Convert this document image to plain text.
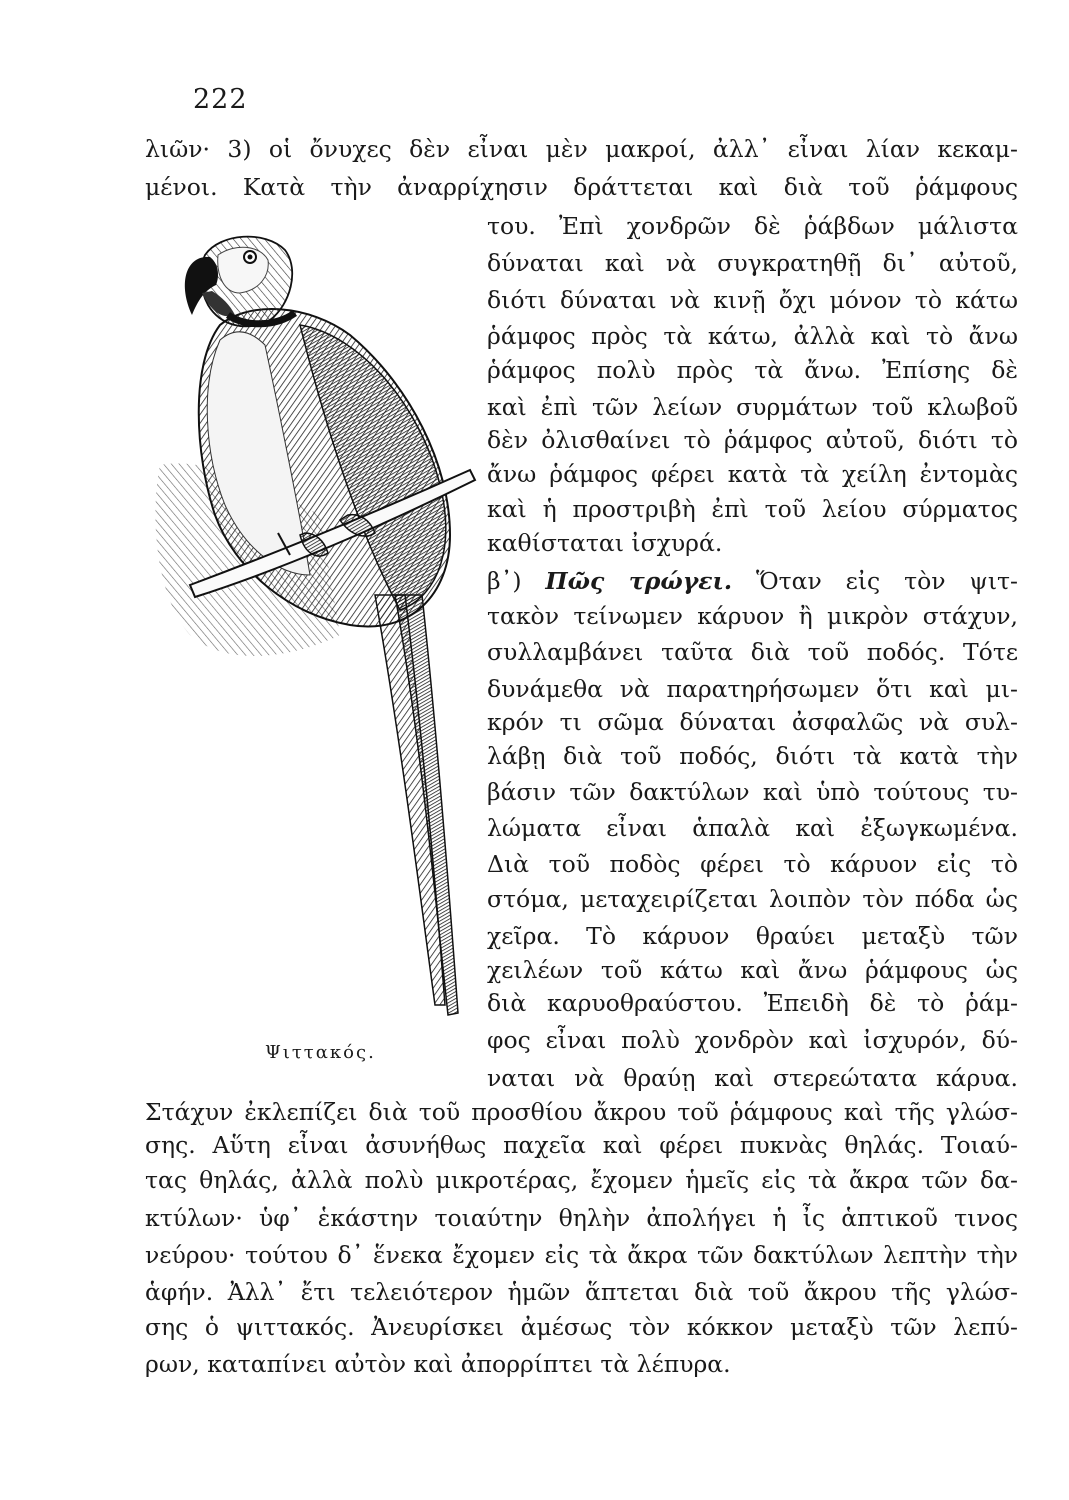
222
λιῶν· 3) οἱ ὄνυχες δὲν εἶναι μὲν μακροί, ἀλλ᾽ εἶναι λίαν κεκαμ-
μένοι. Κατὰ τὴν ἀναρρίχησιν δράττεται καὶ διὰ τοῦ ῥάμφους
του. Ἐπὶ χονδρῶν δὲ ῥάβδων μάλιστα
δύναται καὶ νὰ συγκρατηθῇ δι᾽ αὐτοῦ,
διότι δύναται νὰ κινῇ ὄχι μόνον τὸ κάτω
ῥάμφος πρὸς τὰ κάτω, ἀλλὰ καὶ τὸ ἄνω
ῥάμφος πολὺ πρὸς τὰ ἄνω. Ἐπίσης δὲ
καὶ ἐπὶ τῶν λείων συρμάτων τοῦ κλωβοῦ
δὲν ὀλισθαίνει τὸ ῥάμφος αὐτοῦ, διότι τὸ
ἄνω ῥάμφος φέρει κατὰ τὰ χείλη ἐντομὰς
καὶ ἡ προστριβὴ ἐπὶ τοῦ λείου σύρματος
καθίσταται ἰσχυρά.
β᾽) Πῶς τρώγει. Ὅταν εἰς τὸν ψιτ-
τακὸν τείνωμεν κάρυον ἢ μικρὸν στάχυν,
συλλαμβάνει ταῦτα διὰ τοῦ ποδός. Τότε
δυνάμεθα νὰ παρατηρήσωμεν ὅτι καὶ μι-
κρόν τι σῶμα δύναται ἀσφαλῶς νὰ συλ-
λάβῃ διὰ τοῦ ποδός, διότι τὰ κατὰ τὴν
βάσιν τῶν δακτύλων καὶ ὑπὸ τούτους τυ-
λώματα εἶναι ἁπαλὰ καὶ ἐξωγκωμένα.
Διὰ τοῦ ποδὸς φέρει τὸ κάρυον εἰς τὸ
στόμα, μεταχειρίζεται λοιπὸν τὸν πόδα ὡς
χεῖρα. Τὸ κάρυον θραύει μεταξὺ τῶν
χειλέων τοῦ κάτω καὶ ἄνω ῥάμφους ὡς
διὰ καρυοθραύστου. Ἐπειδὴ δὲ τὸ ῥάμ-
φος εἶναι πολὺ χονδρὸν καὶ ἰσχυρόν, δύ-
ναται νὰ θραύῃ καὶ στερεώτατα κάρυα.
Στάχυν ἐκλεπίζει διὰ τοῦ προσθίου ἄκρου τοῦ ῥάμφους καὶ τῆς γλώσ-
σης. Αὕτη εἶναι ἀσυνήθως παχεῖα καὶ φέρει πυκνὰς θηλάς. Τοιαύ-
τας θηλάς, ἀλλὰ πολὺ μικροτέρας, ἔχομεν ἡμεῖς εἰς τὰ ἄκρα τῶν δα-
κτύλων· ὑφ᾽ ἑκάστην τοιαύτην θηλὴν ἀπολήγει ἡ ἶς ἁπτικοῦ τινος
νεύρου· τούτου δ᾽ ἕνεκα ἔχομεν εἰς τὰ ἄκρα τῶν δακτύλων λεπτὴν τὴν
ἁφήν. Ἀλλ᾽ ἔτι τελειότερον ἡμῶν ἅπτεται διὰ τοῦ ἄκρου τῆς γλώσ-
σης ὁ ψιττακός. Ἀνευρίσκει ἀμέσως τὸν κόκκον μεταξὺ τῶν λεπύ-
ρων, καταπίνει αὐτὸν καὶ ἀπορρίπτει τὰ λέπυρα.
Ψιττακός.
